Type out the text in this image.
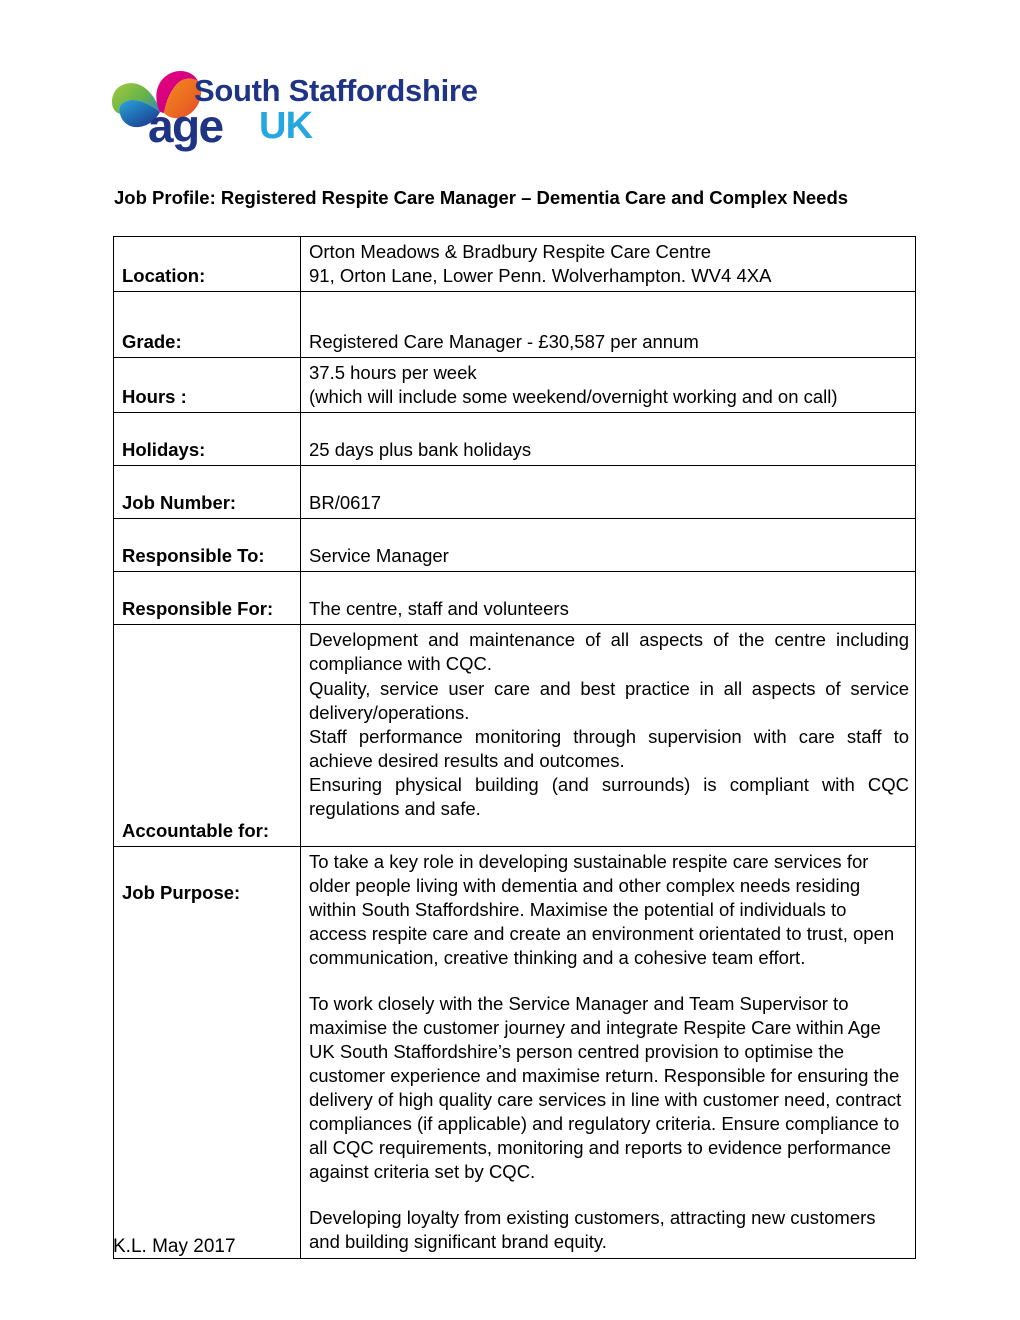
South Staffordshire
age UK
Job Profile: Registered Respite Care Manager – Dementia Care and Complex Needs
Location:	Orton Meadows & Bradbury Respite Care Centre
91, Orton Lane, Lower Penn. Wolverhampton. WV4 4XA

Grade:	Registered Care Manager - £30,587 per annum

Hours :	37.5 hours per week
(which will include some weekend/overnight working and on call)

Holidays:	25 days plus bank holidays

Job Number:	BR/0617

Responsible To:	Service Manager

Responsible For:	The centre, staff and volunteers

Accountable for:	Development and maintenance of all aspects of the centre including compliance with CQC.
Quality, service user care and best practice in all aspects of service delivery/operations.
Staff performance monitoring through supervision with care staff to achieve desired results and outcomes.
Ensuring physical building (and surrounds) is compliant with CQC regulations and safe.

Job Purpose:	To take a key role in developing sustainable respite care services for older people living with dementia and other complex needs residing within South Staffordshire. Maximise the potential of individuals to access respite care and create an environment orientated to trust, open communication, creative thinking and a cohesive team effort.
To work closely with the Service Manager and Team Supervisor to maximise the customer journey and integrate Respite Care within Age UK South Staffordshire’s person centred provision to optimise the customer experience and maximise return. Responsible for ensuring the delivery of high quality care services in line with customer need, contract compliances (if applicable) and regulatory criteria. Ensure compliance to all CQC requirements, monitoring and reports to evidence performance against criteria set by CQC.
Developing loyalty from existing customers, attracting new customers and building significant brand equity.
K.L. May 2017
